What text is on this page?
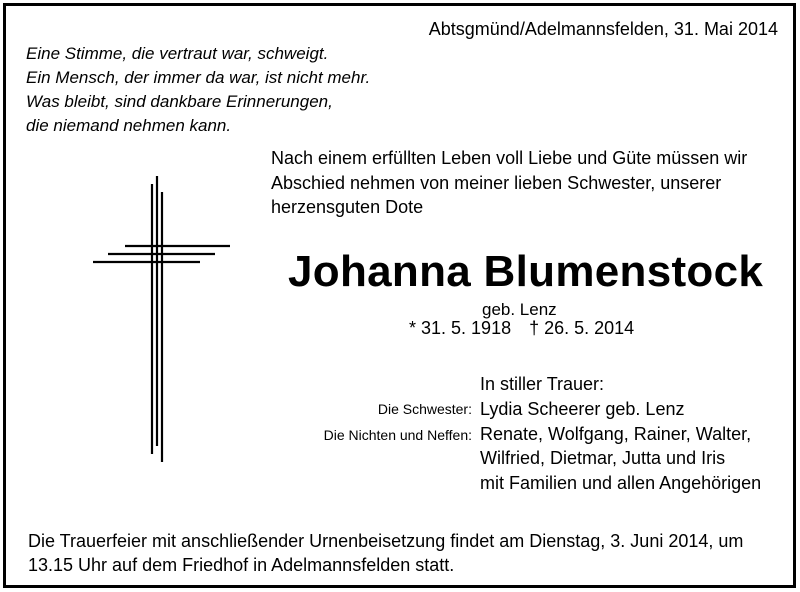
Abtsgmünd/Adelmannsfelden, 31. Mai 2014
Eine Stimme, die vertraut war, schweigt.
Ein Mensch, der immer da war, ist nicht mehr.
Was bleibt, sind dankbare Erinnerungen,
die niemand nehmen kann.
Nach einem erfüllten Leben voll Liebe und Güte müssen wir
Abschied nehmen von meiner lieben Schwester, unserer
herzensguten Dote
Johanna Blumenstock
geb. Lenz
* 31. 5. 1918 † 26. 5. 2014
In stiller Trauer:
Die Schwester:
Die Nichten und Neffen:
Lydia Scheerer geb. Lenz
Renate, Wolfgang, Rainer, Walter,
Wilfried, Dietmar, Jutta und Iris
mit Familien und allen Angehörigen
Die Trauerfeier mit anschließender Urnenbeisetzung findet am Dienstag, 3. Juni 2014, um
13.15 Uhr auf dem Friedhof in Adelmannsfelden statt.
